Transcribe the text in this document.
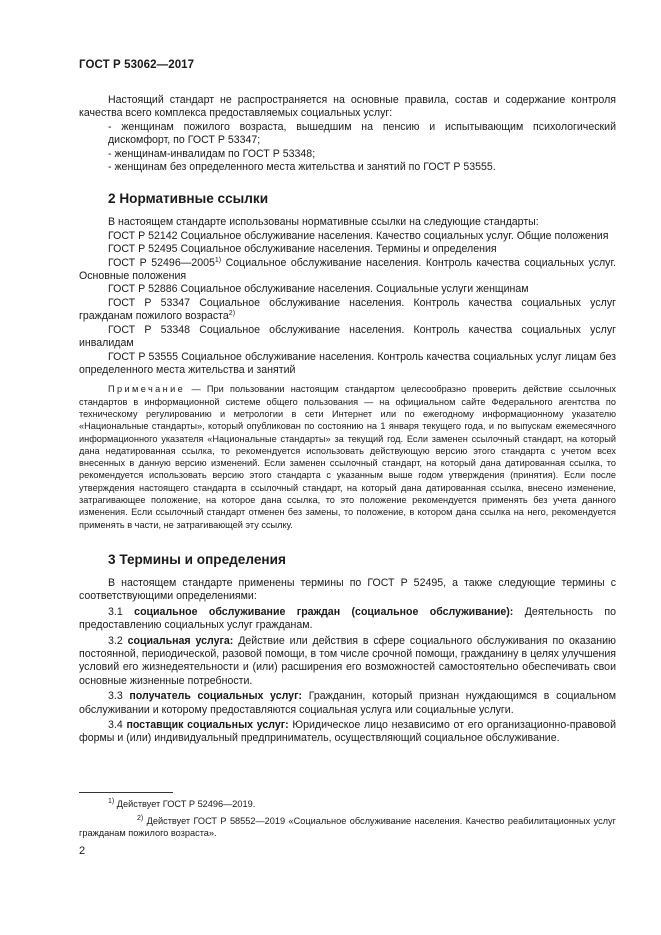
ГОСТ Р 53062—2017

Настоящий стандарт не распространяется на основные правила, состав и содержание контроля качества всего комплекса предоставляемых социальных услуг:

- женщинам пожилого возраста, вышедшим на пенсию и испытывающим психологический дискомфорт, по ГОСТ Р 53347;

- женщинам-инвалидам по ГОСТ Р 53348;

- женщинам без определенного места жительства и занятий по ГОСТ Р 53555.

2 Нормативные ссылки

В настоящем стандарте использованы нормативные ссылки на следующие стандарты:

ГОСТ Р 52142 Социальное обслуживание населения. Качество социальных услуг. Общие положения

ГОСТ Р 52495 Социальное обслуживание населения. Термины и определения

ГОСТ Р 52496—2005$^{1)}$ Социальное обслуживание населения. Контроль качества социальных услуг. Основные положения

ГОСТ Р 52886 Социальное обслуживание населения. Социальные услуги женщинам

ГОСТ Р 53347 Социальное обслуживание населения. Контроль качества социальных услуг гражданам пожилого возраста$^{2)}$

ГОСТ Р 53348 Социальное обслуживание населения. Контроль качества социальных услуг инвалидам

ГОСТ Р 53555 Социальное обслуживание населения. Контроль качества социальных услуг лицам без определенного места жительства и занятий

Примечание — При пользовании настоящим стандартом целесообразно проверить действие ссылочных стандартов в информационной системе общего пользования — на официальном сайте Федерального агентства по техническому регулированию и метрологии в сети Интернет или по ежегодному информационному указателю «Национальные стандарты», который опубликован по состоянию на 1 января текущего года, и по выпускам ежемесячного информационного указателя «Национальные стандарты» за текущий год. Если заменен ссылочный стандарт, на который дана недатированная ссылка, то рекомендуется использовать действующую версию этого стандарта с учетом всех внесенных в данную версию изменений. Если заменен ссылочный стандарт, на который дана датированная ссылка, то рекомендуется использовать версию этого стандарта с указанным выше годом утверждения (принятия). Если после утверждения настоящего стандарта в ссылочный стандарт, на который дана датированная ссылка, внесено изменение, затрагивающее положение, на которое дана ссылка, то это положение рекомендуется применять без учета данного изменения. Если ссылочный стандарт отменен без замены, то положение, в котором дана ссылка на него, рекомендуется применять в части, не затрагивающей эту ссылку.

3 Термины и определения

В настоящем стандарте применены термины по ГОСТ Р 52495, а также следующие термины с соответствующими определениями:

3.1 социальное обслуживание граждан (социальное обслуживание): Деятельность по предоставлению социальных услуг гражданам.

3.2 социальная услуга: Действие или действия в сфере социального обслуживания по оказанию постоянной, периодической, разовой помощи, в том числе срочной помощи, гражданину в целях улучшения условий его жизнедеятельности и (или) расширения его возможностей самостоятельно обеспечивать свои основные жизненные потребности.

3.3 получатель социальных услуг: Гражданин, который признан нуждающимся в социальном обслуживании и которому предоставляются социальная услуга или социальные услуги.

3.4 поставщик социальных услуг: Юридическое лицо независимо от его организационно-правовой формы и (или) индивидуальный предприниматель, осуществляющий социальное обслуживание.

$^{1)}$ Действует ГОСТ Р 52496—2019.
$^{2)}$ Действует ГОСТ Р 58552—2019 «Социальное обслуживание населения. Качество реабилитационных услуг гражданам пожилого возраста».
2
